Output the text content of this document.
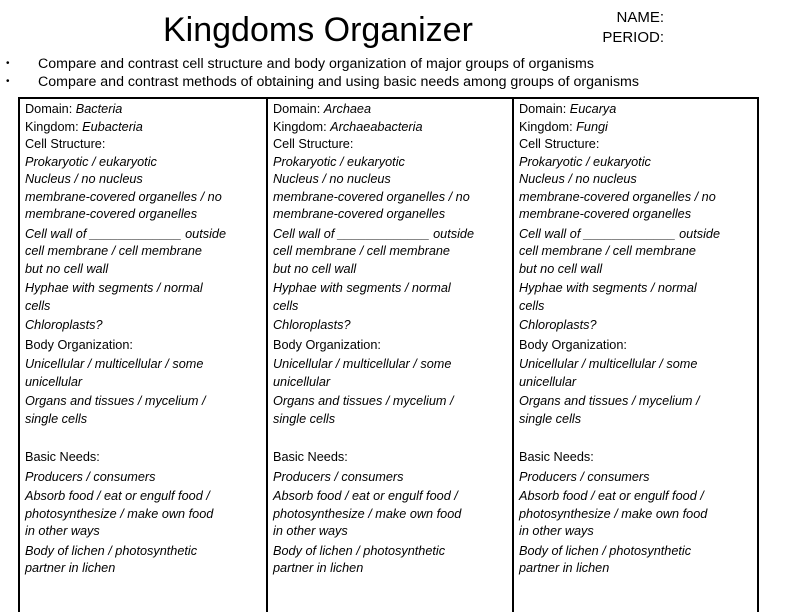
Kingdoms Organizer	NAME:
PERIOD:
•	Compare and contrast cell structure and body organization of major groups of organisms
•	Compare and contrast methods of obtaining and using basic needs among groups of organisms
Domain: Bacteria
Kingdom: Eubacteria
Cell Structure:
Prokaryotic / eukaryotic
Nucleus / no nucleus
membrane-covered organelles / no
membrane-covered organelles
Cell wall of _____________ outside
cell membrane / cell membrane
but no cell wall
Hyphae with segments / normal
cells
Chloroplasts?
Body Organization:
Unicellular / multicellular / some
unicellular
Organs and tissues / mycelium /
single cells
Basic Needs:
Producers / consumers
Absorb food / eat or engulf food /
photosynthesize / make own food
in other ways
Body of lichen / photosynthetic
partner in lichen
Domain: Archaea
Kingdom: Archaeabacteria
Cell Structure:
Prokaryotic / eukaryotic
Nucleus / no nucleus
membrane-covered organelles / no
membrane-covered organelles
Cell wall of _____________ outside
cell membrane / cell membrane
but no cell wall
Hyphae with segments / normal
cells
Chloroplasts?
Body Organization:
Unicellular / multicellular / some
unicellular
Organs and tissues / mycelium /
single cells
Basic Needs:
Producers / consumers
Absorb food / eat or engulf food /
photosynthesize / make own food
in other ways
Body of lichen / photosynthetic
partner in lichen
Domain: Eucarya
Kingdom: Fungi
Cell Structure:
Prokaryotic / eukaryotic
Nucleus / no nucleus
membrane-covered organelles / no
membrane-covered organelles
Cell wall of _____________ outside
cell membrane / cell membrane
but no cell wall
Hyphae with segments / normal
cells
Chloroplasts?
Body Organization:
Unicellular / multicellular / some
unicellular
Organs and tissues / mycelium /
single cells
Basic Needs:
Producers / consumers
Absorb food / eat or engulf food /
photosynthesize / make own food
in other ways
Body of lichen / photosynthetic
partner in lichen
